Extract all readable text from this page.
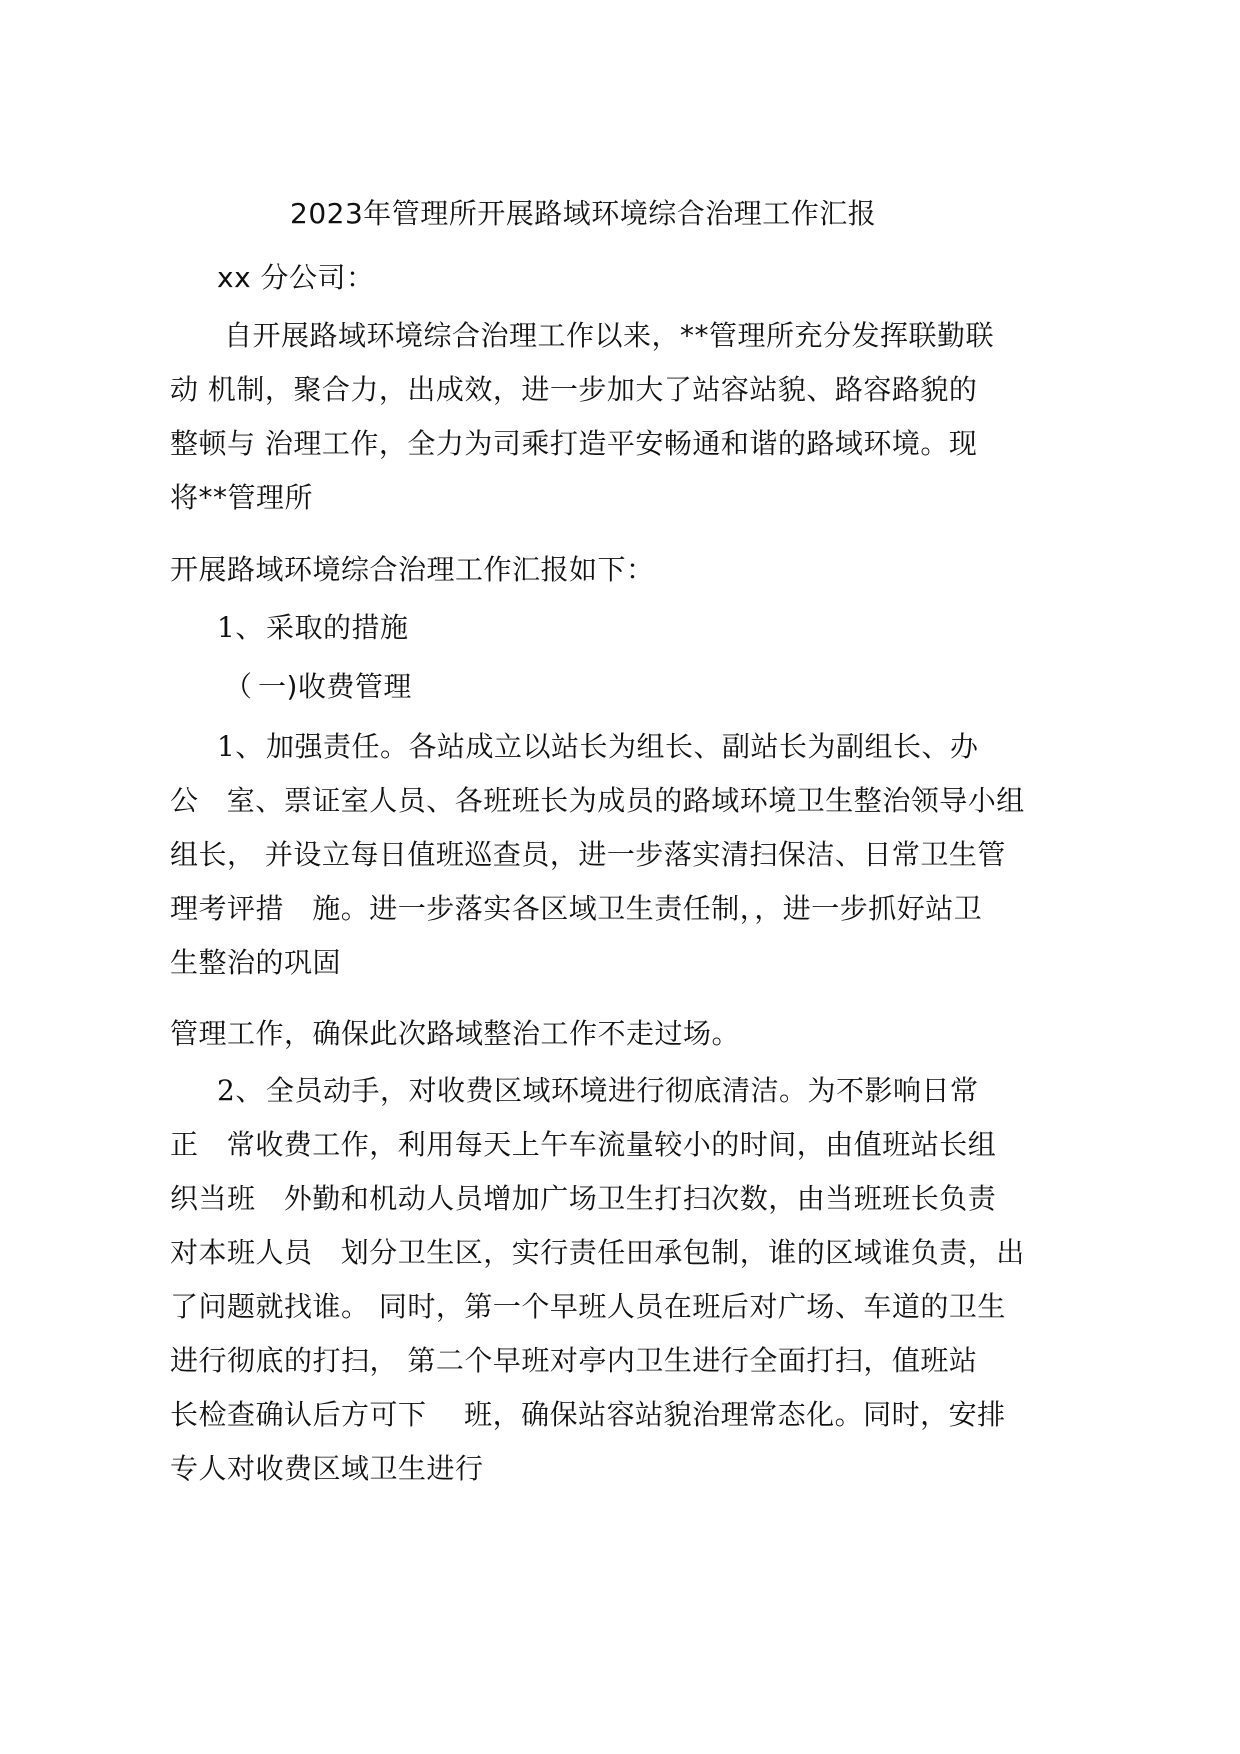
2023年管理所开展路域环境综合治理工作汇报
xx 分公司：
自开展路域环境综合治理工作以来，**管理所充分发挥联勤联
动 机制，聚合力，出成效，进一步加大了站容站貌、路容路貌的
整顿与 治理工作，全力为司乘打造平安畅通和谐的路域环境。现
将**管理所
开展路域环境综合治理工作汇报如下：
1、 采取的措施
（ 一)收费管理
1、 加强责任。各站成立以站长为组长、副站长为副组长、办
公   室、票证室人员、各班班长为成员的路域环境卫生整治领导小组
组长， 并设立每日值班巡查员，进一步落实清扫保洁、日常卫生管
理考评措   施。进一步落实各区域卫生责任制，，进一步抓好站卫
生整治的巩固
管理工作，确保此次路域整治工作不走过场。
2、 全员动手，对收费区域环境进行彻底清洁。为不影响日常
正   常收费工作，利用每天上午车流量较小的时间，由值班站长组
织当班   外勤和机动人员增加广场卫生打扫次数，由当班班长负责
对本班人员   划分卫生区，实行责任田承包制，谁的区域谁负责，出
了问题就找谁。 同时，第一个早班人员在班后对广场、车道的卫生
进行彻底的打扫， 第二个早班对亭内卫生进行全面打扫，值班站
长检查确认后方可下    班，确保站容站貌治理常态化。同时，安排
专人对收费区域卫生进行
